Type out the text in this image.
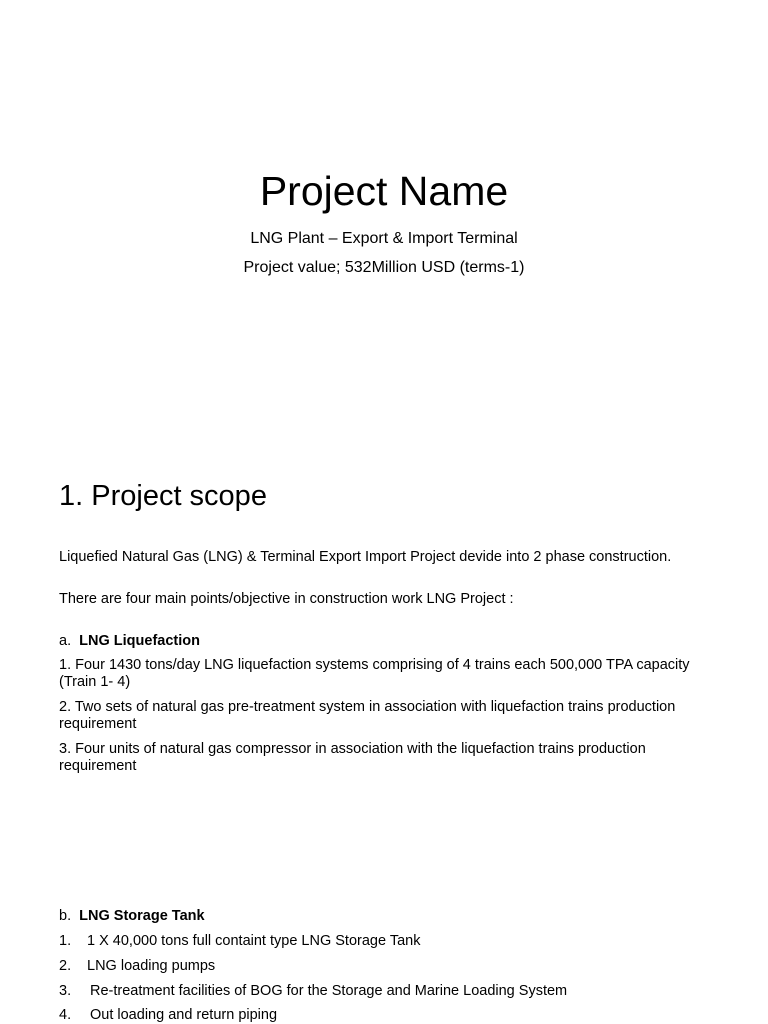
Project Name
LNG Plant – Export & Import Terminal
Project value; 532Million USD (terms-1)
1. Project scope
Liquefied Natural Gas (LNG) & Terminal Export Import Project devide into 2 phase construction.
There are four main points/objective in construction work LNG Project :
a. LNG Liquefaction
1. Four 1430 tons/day LNG liquefaction systems comprising of 4 trains each 500,000 TPA capacity (Train 1- 4)
2. Two sets of natural gas pre-treatment system in association with liquefaction trains production requirement
3. Four units of natural gas compressor in association with the liquefaction trains production requirement
b. LNG Storage Tank
1. 1 X 40,000 tons full containt type LNG Storage Tank
2. LNG loading pumps
3. Re-treatment facilities of BOG for the Storage and Marine Loading System
4. Out loading and return piping
